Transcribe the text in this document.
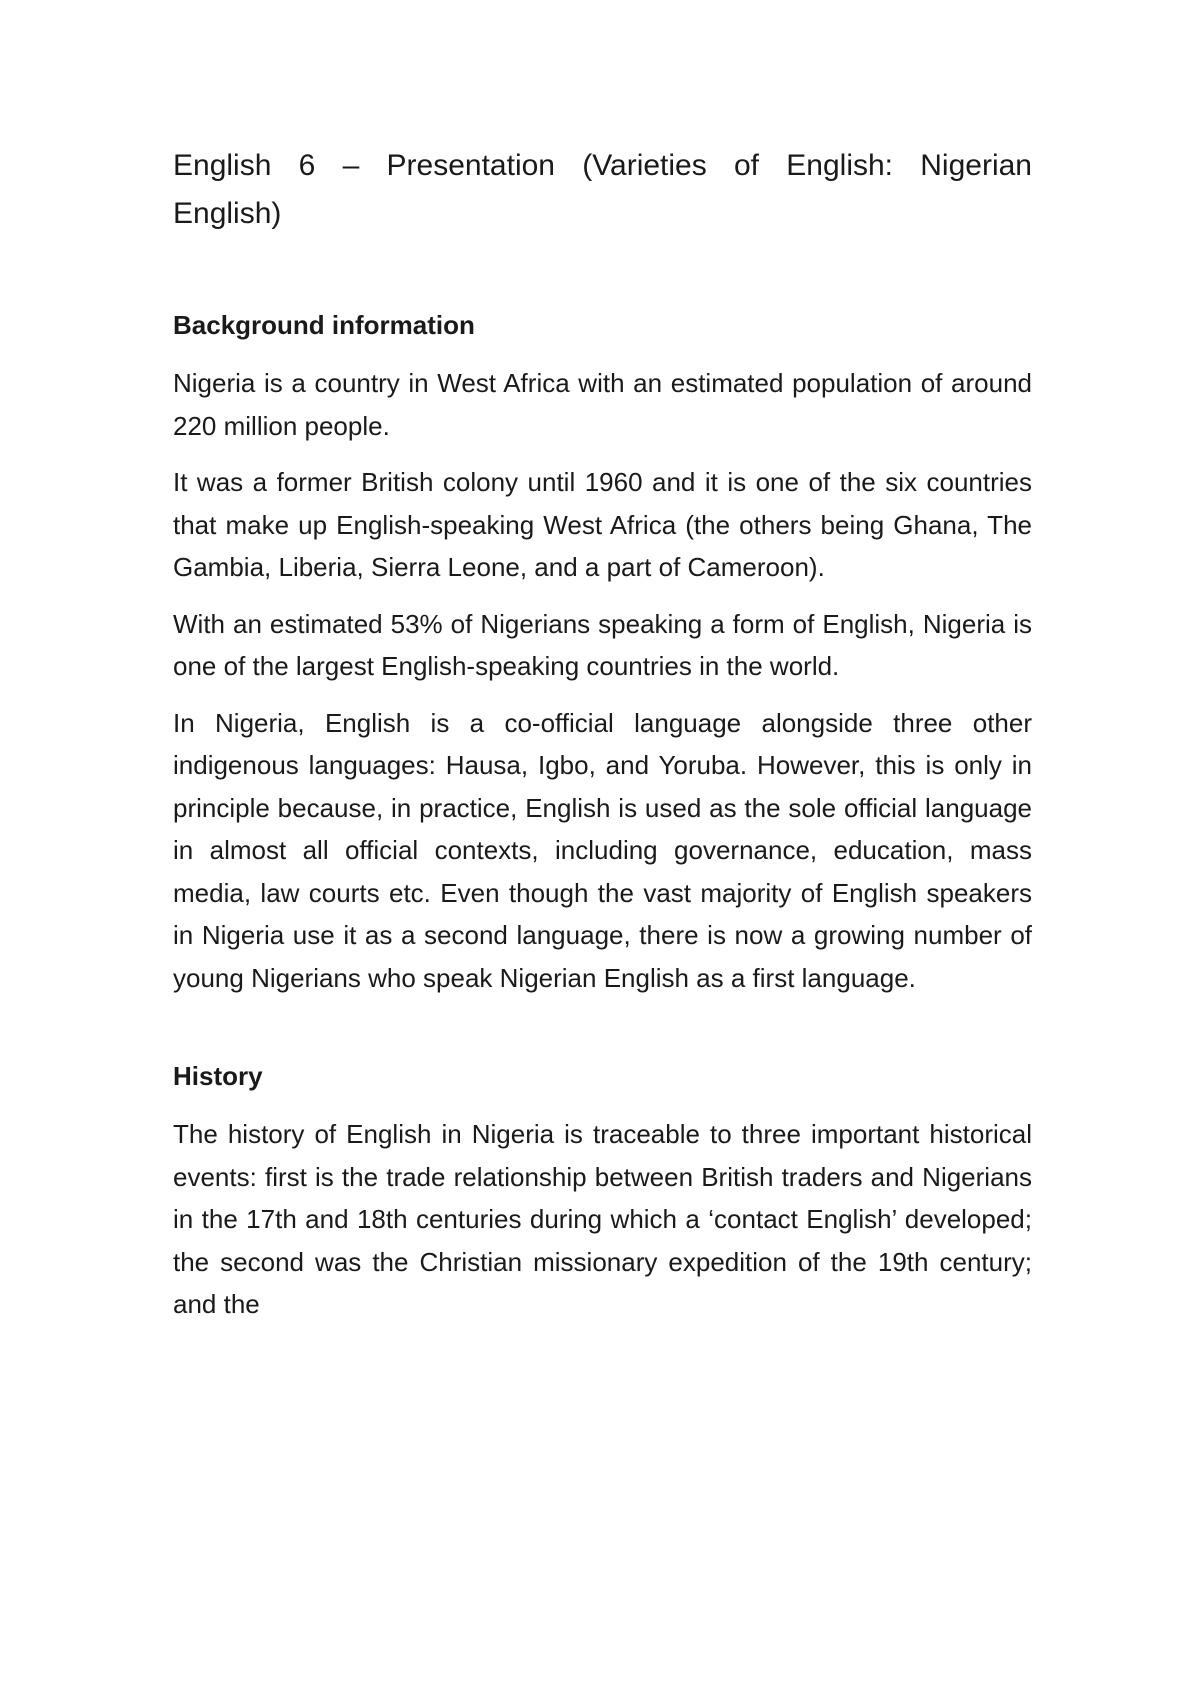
English 6 – Presentation (Varieties of English: Nigerian English)
Background information

Nigeria is a country in West Africa with an estimated population of around 220 million people.

It was a former British colony until 1960 and it is one of the six countries that make up English-speaking West Africa (the others being Ghana, The Gambia, Liberia, Sierra Leone, and a part of Cameroon).

With an estimated 53% of Nigerians speaking a form of English, Nigeria is one of the largest English-speaking countries in the world.

In Nigeria, English is a co-official language alongside three other indigenous languages: Hausa, Igbo, and Yoruba. However, this is only in principle because, in practice, English is used as the sole official language in almost all official contexts, including governance, education, mass media, law courts etc. Even though the vast majority of English speakers in Nigeria use it as a second language, there is now a growing number of young Nigerians who speak Nigerian English as a first language.

History

The history of English in Nigeria is traceable to three important historical events: first is the trade relationship between British traders and Nigerians in the 17th and 18th centuries during which a ‘contact English’ developed; the second was the Christian missionary expedition of the 19th century; and the
